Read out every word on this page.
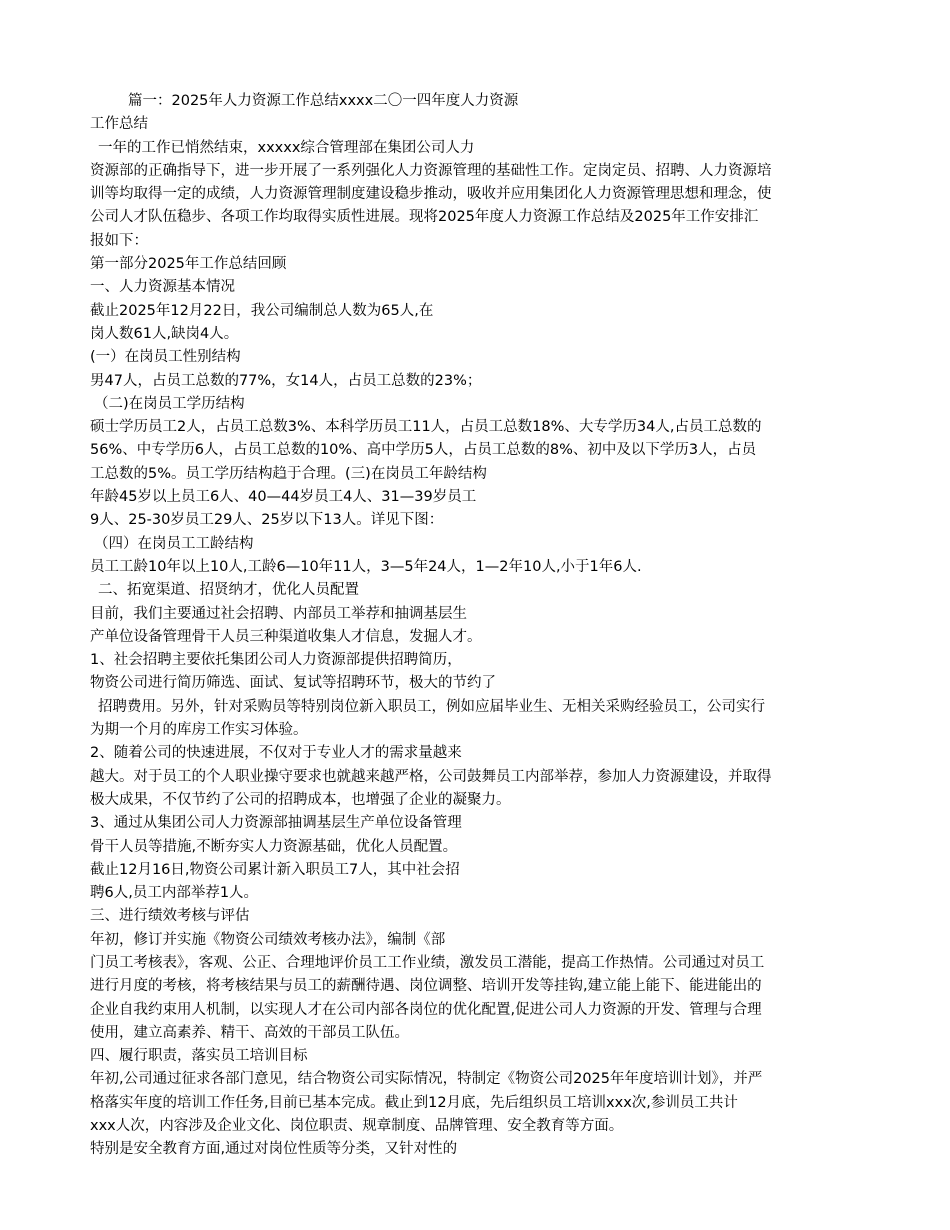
篇一：2025年人力资源工作总结xxxx二〇一四年度人力资源
工作总结
一年的工作已悄然结束，xxxxx综合管理部在集团公司人力
资源部的正确指导下，进一步开展了一系列强化人力资源管理的基础性工作。定岗定员、招聘、人力资源培
训等均取得一定的成绩，人力资源管理制度建设稳步推动，吸收并应用集团化人力资源管理思想和理念，使
公司人才队伍稳步、各项工作均取得实质性进展。现将2025年度人力资源工作总结及2025年工作安排汇
报如下：
第一部分2025年工作总结回顾
一、人力资源基本情况
截止2025年12月22日，我公司编制总人数为65人,在
岗人数61人,缺岗4人。
(一）在岗员工性别结构
男47人，占员工总数的77%，女14人，占员工总数的23%；
（二)在岗员工学历结构
硕士学历员工2人，占员工总数3%、本科学历员工11人，占员工总数18%、大专学历34人,占员工总数的
56%、中专学历6人，占员工总数的10%、高中学历5人，占员工总数的8%、初中及以下学历3人，占员
工总数的5%。员工学历结构趋于合理。(三)在岗员工年龄结构
年龄45岁以上员工6人、40—44岁员工4人、31—39岁员工
9人、25-30岁员工29人、25岁以下13人。详见下图：
（四）在岗员工工龄结构
员工工龄10年以上10人,工龄6—10年11人，3—5年24人，1—2年10人,小于1年6人.
二、拓宽渠道、招贤纳才，优化人员配置
目前，我们主要通过社会招聘、内部员工举荐和抽调基层生
产单位设备管理骨干人员三种渠道收集人才信息，发掘人才。
1、社会招聘主要依托集团公司人力资源部提供招聘简历，
物资公司进行简历筛选、面试、复试等招聘环节，极大的节约了
招聘费用。另外，针对采购员等特别岗位新入职员工，例如应届毕业生、无相关采购经验员工，公司实行
为期一个月的库房工作实习体验。
2、随着公司的快速进展，不仅对于专业人才的需求量越来
越大。对于员工的个人职业操守要求也就越来越严格，公司鼓舞员工内部举荐，参加人力资源建设，并取得
极大成果，不仅节约了公司的招聘成本，也增强了企业的凝聚力。
3、通过从集团公司人力资源部抽调基层生产单位设备管理
骨干人员等措施,不断夯实人力资源基础，优化人员配置。
截止12月16日,物资公司累计新入职员工7人，其中社会招
聘6人,员工内部举荐1人。
三、进行绩效考核与评估
年初，修订并实施《物资公司绩效考核办法》，编制《部
门员工考核表》，客观、公正、合理地评价员工工作业绩，激发员工潜能，提高工作热情。公司通过对员工
进行月度的考核，将考核结果与员工的薪酬待遇、岗位调整、培训开发等挂钩,建立能上能下、能进能出的
企业自我约束用人机制，以实现人才在公司内部各岗位的优化配置,促进公司人力资源的开发、管理与合理
使用，建立高素养、精干、高效的干部员工队伍。
四、履行职责，落实员工培训目标
年初,公司通过征求各部门意见，结合物资公司实际情况，特制定《物资公司2025年年度培训计划》，并严
格落实年度的培训工作任务,目前已基本完成。截止到12月底，先后组织员工培训xxx次,参训员工共计
xxx人次，内容涉及企业文化、岗位职责、规章制度、品牌管理、安全教育等方面。
特别是安全教育方面,通过对岗位性质等分类，又针对性的
